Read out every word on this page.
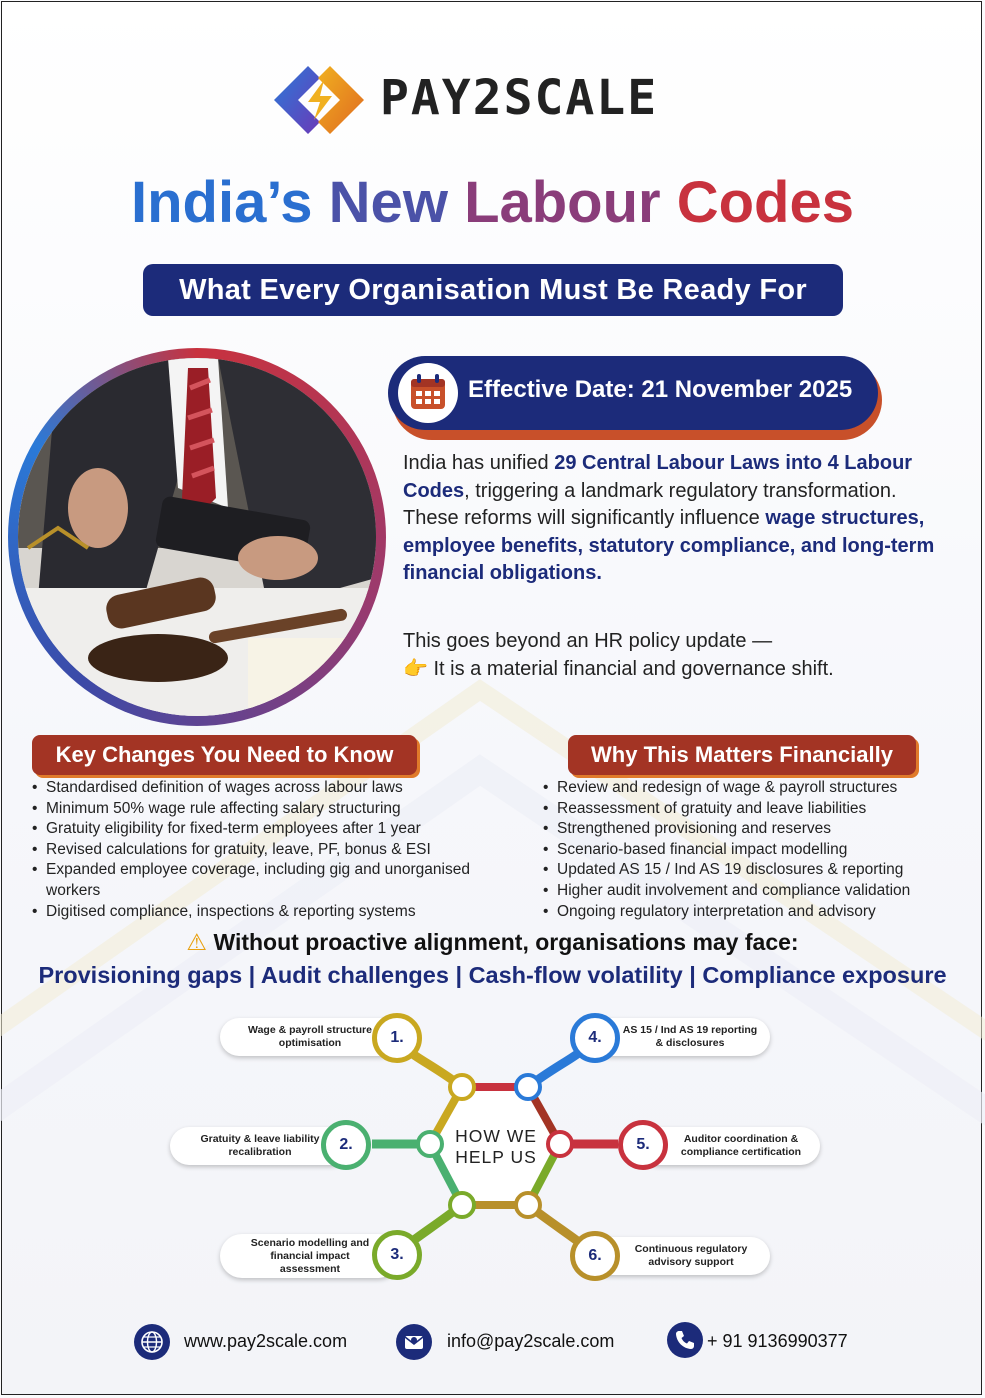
PAY2SCALE
India’s New Labour Codes
What Every Organisation Must Be Ready For
Effective Date: 21 November 2025
India has unified 29 Central Labour Laws into 4 Labour Codes, triggering a landmark regulatory transformation.
These reforms will significantly influence wage structures, employee benefits, statutory compliance, and long-term financial obligations.
This goes beyond an HR policy update —
👉 It is a material financial and governance shift.
Key Changes You Need to Know
• Standardised definition of wages across labour laws
• Minimum 50% wage rule affecting salary structuring
• Gratuity eligibility for fixed-term employees after 1 year
• Revised calculations for gratuity, leave, PF, bonus & ESI
• Expanded employee coverage, including gig and unorganised workers
• Digitised compliance, inspections & reporting systems
Why This Matters Financially
• Review and redesign of wage & payroll structures
• Reassessment of gratuity and leave liabilities
• Strengthened provisioning and reserves
• Scenario-based financial impact modelling
• Updated AS 15 / Ind AS 19 disclosures & reporting
• Higher audit involvement and compliance validation
• Ongoing regulatory interpretation and advisory
⚠ Without proactive alignment, organisations may face:
Provisioning gaps | Audit challenges | Cash-flow volatility | Compliance exposure
HOW WE
HELP US
Wage & payroll structure
optimisation	1.
Gratuity & leave liability
recalibration	2.
Scenario modelling and
financial impact
assessment
3.
AS 15 / Ind AS 19 reporting
& disclosures
4.
Auditor coordination &
compliance certification
5.
Continuous regulatory
advisory support
6.
www.pay2scale.com	info@pay2scale.com	+ 91 9136990377
